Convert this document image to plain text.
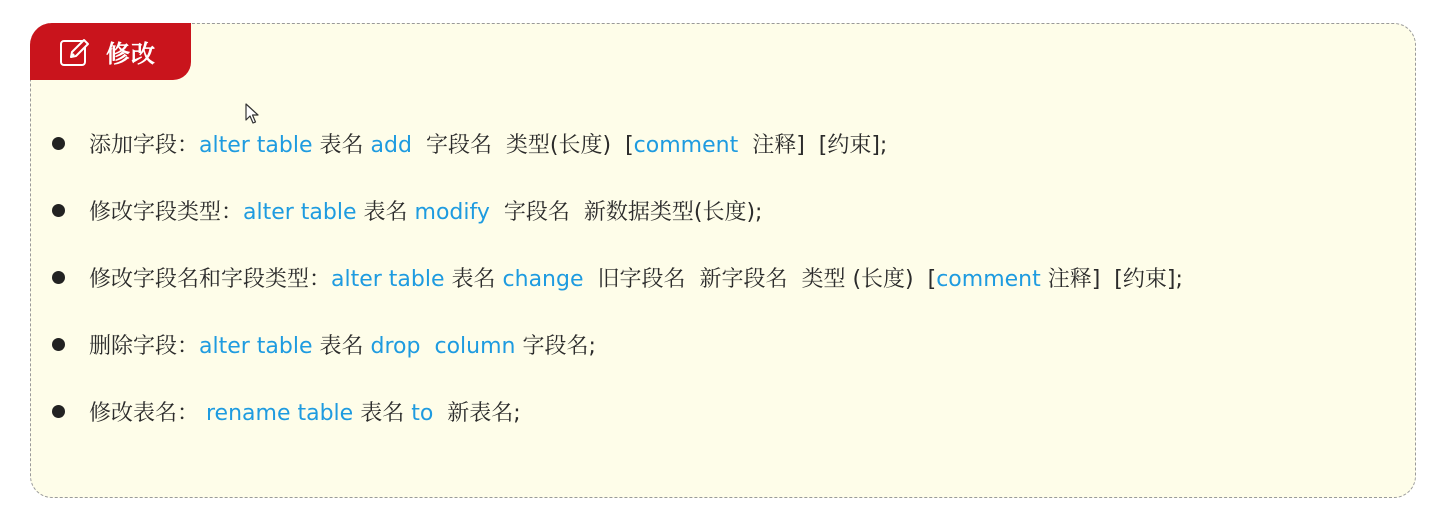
修改
添加字段：alter table 表名 add  字段名  类型(长度)  [comment  注释]  [约束];
修改字段类型：alter table 表名 modify  字段名  新数据类型(长度);
修改字段名和字段类型：alter table 表名 change  旧字段名  新字段名  类型 (长度)  [comment 注释]  [约束];
删除字段：alter table 表名 drop  column 字段名;
修改表名： rename table 表名 to  新表名;
